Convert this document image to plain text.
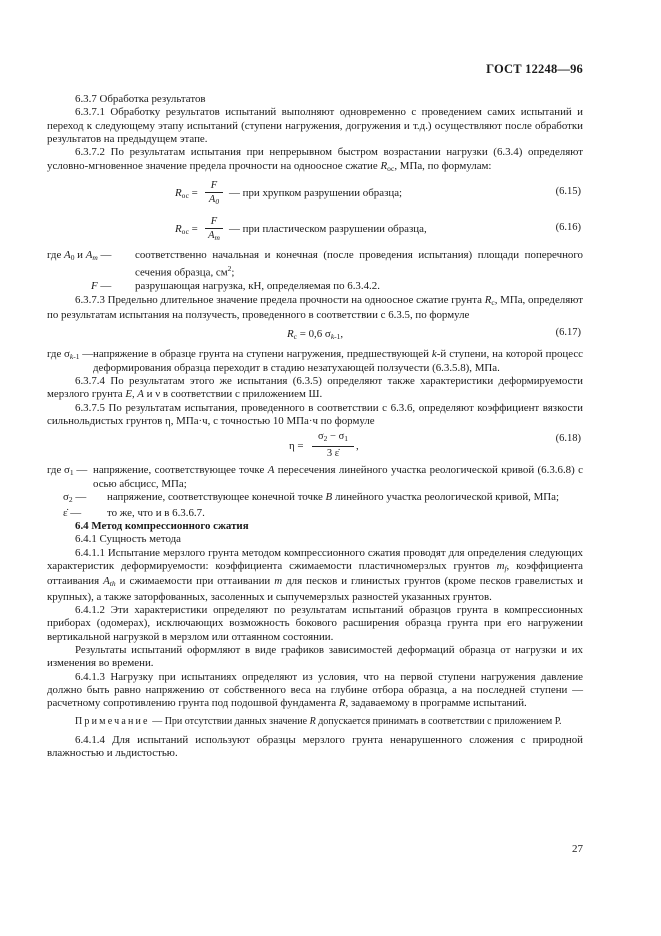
ГОСТ 12248—96

6.3.7 Обработка результатов

6.3.7.1 Обработку результатов испытаний выполняют одновременно с проведением самих испытаний и переход к следующему этапу испытаний (ступени нагружения, догружения и т.д.) осуществляют после обработки результатов на предыдущем этапе.

6.3.7.2 По результатам испытания при непрерывном быстром возрастании нагрузки (6.3.4) определяют условно-мгновенное значение предела прочности на одноосное сжатие $R_{ос}$, МПа, по формулам:

$R_{ос} = \frac{F}{A_0}$ — при хрупком разрушении образца;	(6.15)
$R_{ос} = \frac{F}{A_m}$ — при пластическом разрушении образца,	(6.16)
где $A_0$ и $A_m$ —	соответственно начальная и конечная (после проведения испытания) площади поперечного сечения образца, $см^2$;
F —	разрушающая нагрузка, кН, определяемая по 6.3.4.2.

6.3.7.3 Предельно длительное значение предела прочности на одноосное сжатие грунта $R_с$, МПа, определяют по результатам испытания на ползучесть, проведенного в соответствии с 6.3.5, по формуле

$R_с = 0,6$ $\sigma_{k-1}$,	(6.17)
где $\sigma_{k-1}$ — напряжение в образце грунта на ступени нагружения, предшествующей k-й ступени, на которой процесс деформирования образца переходит в стадию незатухающей ползучести (6.3.5.8), МПа.

6.3.7.4 По результатам этого же испытания (6.3.5) определяют также характеристики деформируемости мерзлого грунта E, A и ν в соответствии с приложением Ш.

6.3.7.5 По результатам испытания, проведенного в соответствии с 6.3.6, определяют коэффициент вязкости сильнольдистых грунтов η, МПа·ч, с точностью 10 МПа·ч по формуле

$\eta = \frac{\sigma_2 - \sigma_1}{3 \varepsiloṅ}$ ,
(6.18)
где $\sigma_1$ — напряжение, соответствующее точке A пересечения линейного участка реологической кривой (6.3.6.8) с осью абсцисс, МПа;
$\sigma_2$ —	напряжение, соответствующее конечной точке B линейного участка реологической кривой, МПа;
ε̇ —	то же, что и в 6.3.6.7.

6.4 Метод компрессионного сжатия

6.4.1 Сущность метода

6.4.1.1 Испытание мерзлого грунта методом компрессионного сжатия проводят для определения следующих характеристик деформируемости: коэффициента сжимаемости пластичномерзлых грунтов $m_f$, коэффициента оттаивания $A_{th}$ и сжимаемости при оттаивании m для песков и глинистых грунтов (кроме песков гравелистых и крупных), а также заторфованных, засоленных и сыпучемерзлых разностей указанных грунтов.

6.4.1.2 Эти характеристики определяют по результатам испытаний образцов грунта в компрессионных приборах (одомерах), исключающих возможность бокового расширения образца грунта при его нагружении вертикальной нагрузкой в мерзлом или оттаянном состоянии.

Результаты испытаний оформляют в виде графиков зависимостей деформаций образца от нагрузки и их изменения во времени.

6.4.1.3 Нагрузку при испытаниях определяют из условия, что на первой ступени нагружения давление должно быть равно напряжению от собственного веса на глубине отбора образца, а на последней ступени — расчетному сопротивлению грунта под подошвой фундамента R, задаваемому в программе испытаний.

Примечание — При отсутствии данных значение R допускается принимать в соответствии с приложением Р.

6.4.1.4 Для испытаний используют образцы мерзлого грунта ненарушенного сложения с природной влажностью и льдистостью.

27
